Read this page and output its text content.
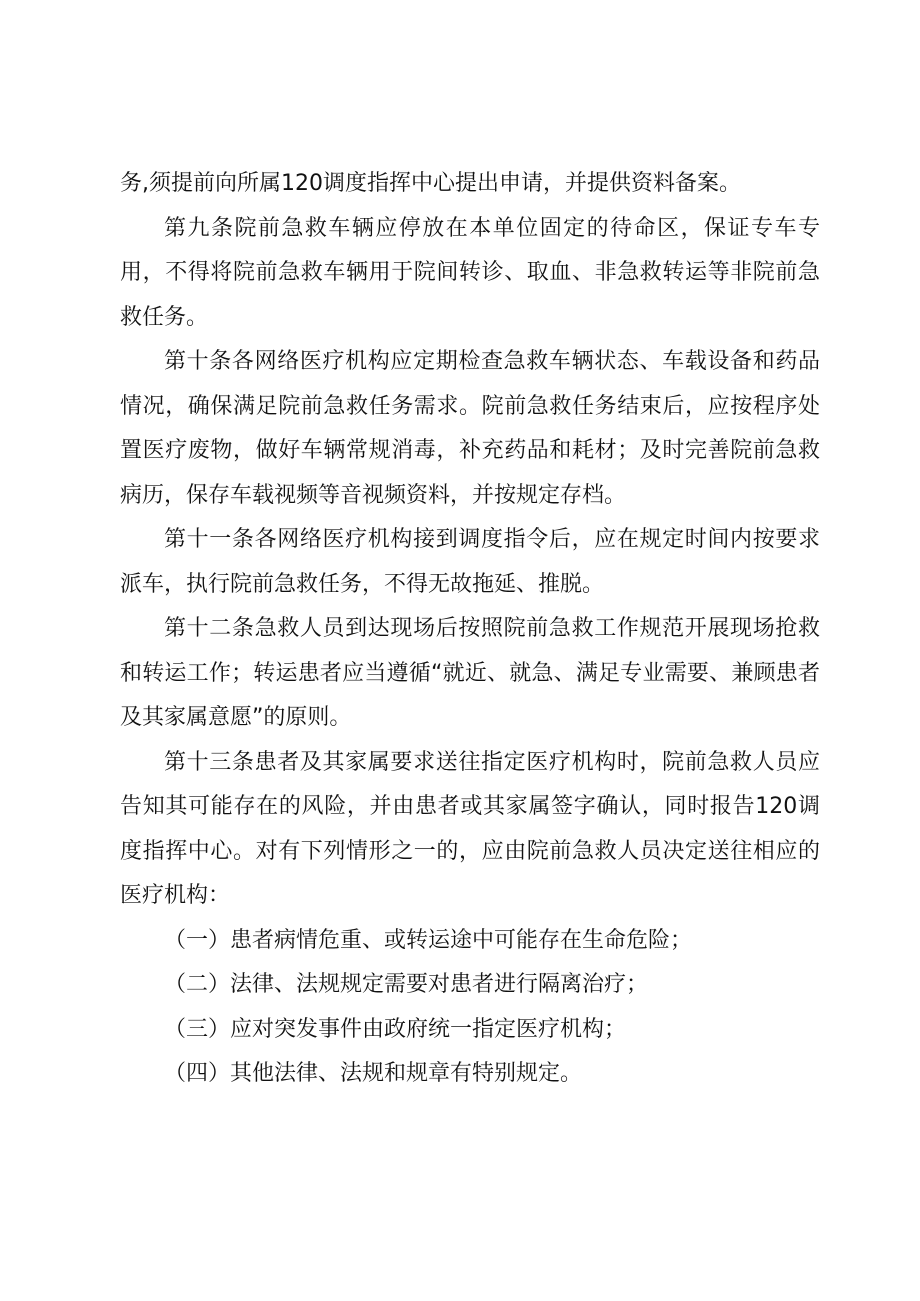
务,须提前向所属120调度指挥中心提出申请，并提供资料备案。

第九条院前急救车辆应停放在本单位固定的待命区，保证专车专用，不得将院前急救车辆用于院间转诊、取血、非急救转运等非院前急救任务。

第十条各网络医疗机构应定期检查急救车辆状态、车载设备和药品情况，确保满足院前急救任务需求。院前急救任务结束后，应按程序处置医疗废物，做好车辆常规消毒，补充药品和耗材；及时完善院前急救病历，保存车载视频等音视频资料，并按规定存档。

第十一条各网络医疗机构接到调度指令后，应在规定时间内按要求派车，执行院前急救任务，不得无故拖延、推脱。

第十二条急救人员到达现场后按照院前急救工作规范开展现场抢救和转运工作；转运患者应当遵循“就近、就急、满足专业需要、兼顾患者及其家属意愿”的原则。

第十三条患者及其家属要求送往指定医疗机构时，院前急救人员应告知其可能存在的风险，并由患者或其家属签字确认，同时报告120调度指挥中心。对有下列情形之一的，应由院前急救人员决定送往相应的医疗机构：

（一）患者病情危重、或转运途中可能存在生命危险；

（二）法律、法规规定需要对患者进行隔离治疗；

（三）应对突发事件由政府统一指定医疗机构；

（四）其他法律、法规和规章有特别规定。
